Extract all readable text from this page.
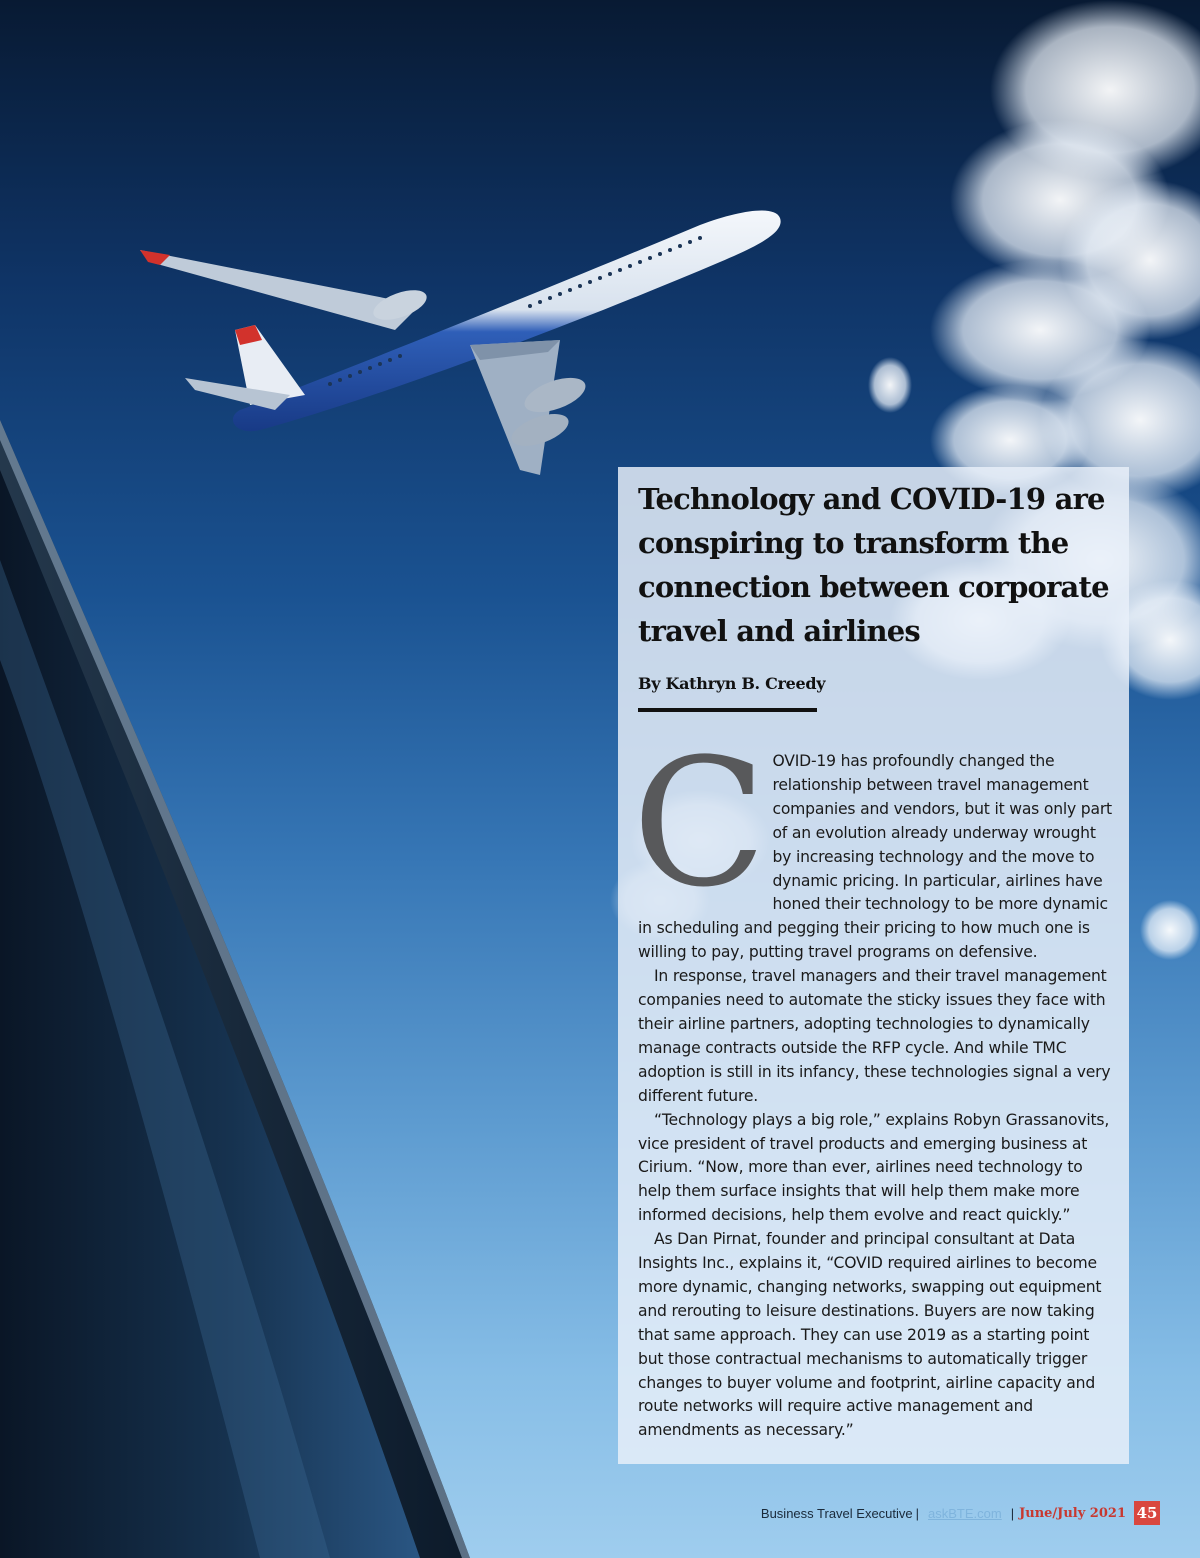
Technology and COVID-19 are conspiring to transform the connection between corporate travel and airlines

By Kathryn B. Creedy

C OVID-19 has profoundly changed the relationship between travel management companies and vendors, but it was only part of an evolution already underway wrought by increasing technology and the move to dynamic pricing. In particular, airlines have honed their technology to be more dynamic in scheduling and pegging their pricing to how much one is willing to pay, putting travel programs on defensive.

In response, travel managers and their travel management companies need to automate the sticky issues they face with their airline partners, adopting technologies to dynamically manage contracts outside the RFP cycle. And while TMC adoption is still in its infancy, these technologies signal a very different future.

“Technology plays a big role,” explains Robyn Grassanovits, vice president of travel products and emerging business at Cirium. “Now, more than ever, airlines need technology to help them surface insights that will help them make more informed decisions, help them evolve and react quickly.”

As Dan Pirnat, founder and principal consultant at Data Insights Inc., explains it, “COVID required airlines to become more dynamic, changing networks, swapping out equipment and rerouting to leisure destinations. Buyers are now taking that same approach. They can use 2019 as a starting point but those contractual mechanisms to automatically trigger changes to buyer volume and footprint, airline capacity and route networks will require active management and amendments as necessary.”

Business Travel Executive | askBTE.com | June/July 2021 45
